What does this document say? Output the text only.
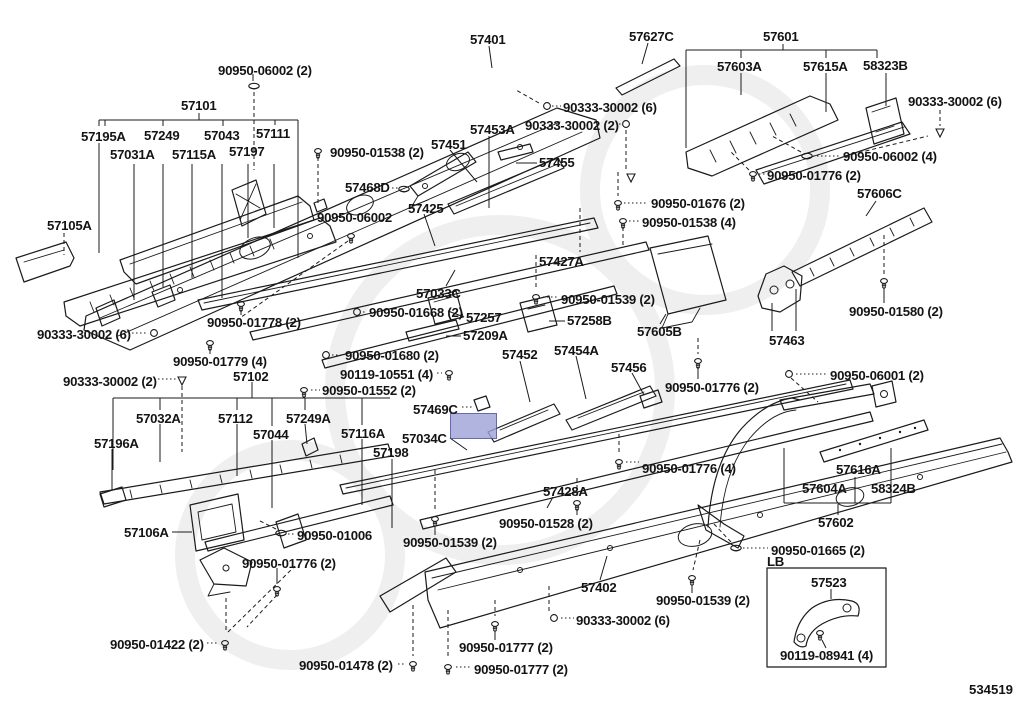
57401	57627C
57101
57195A 57249 57043 57111
57031A 57115A 57197
57105A
57601
57603A	57615A 58323B
57606C
57453A
57451
57455
57468D
57425
57427A
57033C
57257	57258B
57209A	57605B
57463
57452 57454A
57456
57469C
57102
57032A	57112	57249A
57044
57196A
57116A 57034C
57198
57106A
57428A
57402
57616A
57604A 58324B
57602
57523
90950-06002 (2)
90333-30002 (6)
90333-30002 (2)
90333-30002 (6)
90950-01538 (2)	90950-06002 (4)
90950-01776 (2)
90950-01676 (2)
90950-01538 (4)
90950-06002
90950-01668 (2)
90950-01539 (2)
90950-01580 (2)
90333-30002 (6)
90950-01778 (2)
90950-01779 (4)
90333-30002 (2)
90950-01680 (2)
90119-10551 (4)
90950-01552 (2)	90950-01776 (2)
90950-06001 (2)
90950-01776 (4)
90950-01006
90950-01776 (2)
90950-01539 (2)
90950-01528 (2)
90950-01665 (2)
90950-01422 (2)
90950-01478 (2)
90950-01777 (2)
90950-01777 (2)
90333-30002 (6)
90950-01539 (2)
90119-08941 (4)
LB
534519
